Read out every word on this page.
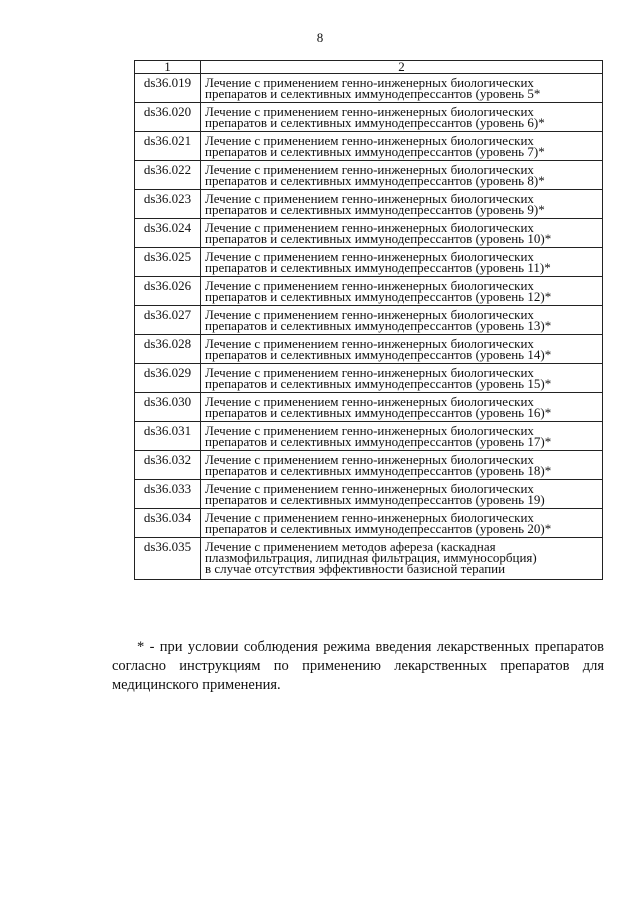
8
1	2
ds36.019	Лечение с применением генно-инженерных биологических
препаратов и селективных иммунодепрессантов (уровень 5*

ds36.020	Лечение с применением генно-инженерных биологических
препаратов и селективных иммунодепрессантов (уровень 6)*

ds36.021	Лечение с применением генно-инженерных биологических
препаратов и селективных иммунодепрессантов (уровень 7)*

ds36.022	Лечение с применением генно-инженерных биологических
препаратов и селективных иммунодепрессантов (уровень 8)*

ds36.023	Лечение с применением генно-инженерных биологических
препаратов и селективных иммунодепрессантов (уровень 9)*

ds36.024	Лечение с применением генно-инженерных биологических
препаратов и селективных иммунодепрессантов (уровень 10)*

ds36.025	Лечение с применением генно-инженерных биологических
препаратов и селективных иммунодепрессантов (уровень 11)*

ds36.026	Лечение с применением генно-инженерных биологических
препаратов и селективных иммунодепрессантов (уровень 12)*

ds36.027	Лечение с применением генно-инженерных биологических
препаратов и селективных иммунодепрессантов (уровень 13)*

ds36.028	Лечение с применением генно-инженерных биологических
препаратов и селективных иммунодепрессантов (уровень 14)*

ds36.029	Лечение с применением генно-инженерных биологических
препаратов и селективных иммунодепрессантов (уровень 15)*

ds36.030	Лечение с применением генно-инженерных биологических
препаратов и селективных иммунодепрессантов (уровень 16)*

ds36.031	Лечение с применением генно-инженерных биологических
препаратов и селективных иммунодепрессантов (уровень 17)*

ds36.032	Лечение с применением генно-инженерных биологических
препаратов и селективных иммунодепрессантов (уровень 18)*

ds36.033	Лечение с применением генно-инженерных биологических
препаратов и селективных иммунодепрессантов (уровень 19)

ds36.034	Лечение с применением генно-инженерных биологических
препаратов и селективных иммунодепрессантов (уровень 20)*

ds36.035	Лечение с применением методов афереза (каскадная
плазмофильтрация, липидная фильтрация, иммуносорбция)
в случае отсутствия эффективности базисной терапии
* - при условии соблюдения режима введения лекарственных препаратов
согласно инструкциям по применению лекарственных препаратов для
медицинского применения.
